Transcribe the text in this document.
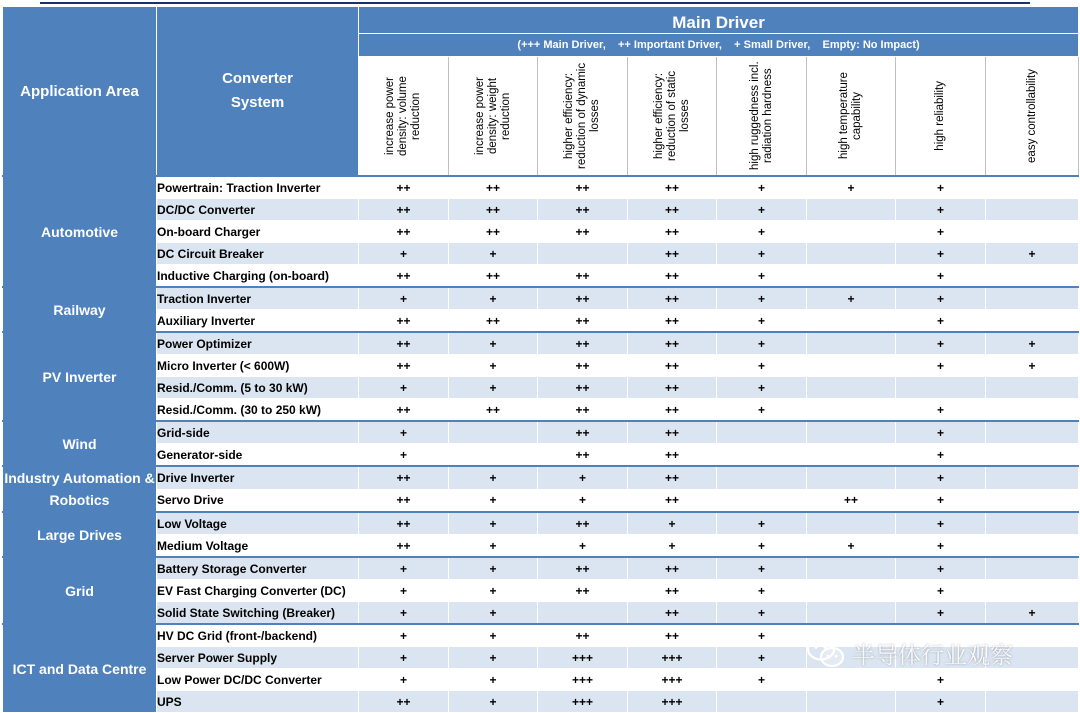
Application Area	Converter System	Main Driver							
		(+++ Main Driver,    ++ Important Driver,    + Small Driver,    Empty: No Impact)							

		increase power density: volume reduction	increase power density: weight reduction	higher efficiency: reduction of dynamic losses	higher efficiency: reduction of static losses	high ruggedness incl. radiation hardness	high temperature capability	high reliability	easy controllability

Automotive	Powertrain: Traction Inverter	++	++	++	++	+	+	+	
	DC/DC Converter	++	++	++	++	+		+	
	On-board Charger	++	++	++	++	+		+	
	DC Circuit Breaker	+	+		++	+		+	+
	Inductive Charging (on-board)	++	++	++	++	+		+	
Railway	Traction Inverter	+	+	++	++	+	+	+	
	Auxiliary Inverter	++	++	++	++	+		+	
PV Inverter	Power Optimizer	++	+	++	++	+		+	+
	Micro Inverter (< 600W)	++	+	++	++	+		+	+
	Resid./Comm. (5 to 30 kW)	+	+	++	++	+			
	Resid./Comm. (30 to 250 kW)	++	++	++	++	+		+	
Wind	Grid-side	+		++	++			+	
	Generator-side	+		++	++			+	
Industry Automation & Robotics	Drive Inverter	++	+	+	++			+	
	Servo Drive	++	+	+	++		++	+	
Large Drives	Low Voltage	++	+	++	+	+		+	
	Medium Voltage	++	+	+	+	+	+	+	
Grid	Battery Storage Converter	+	+	++	++	+		+	
	EV Fast Charging Converter (DC)	+	+	++	++	+		+	
	Solid State Switching (Breaker)	+	+		++	+		+	+
ICT and Data Centre	HV DC Grid (front-/backend)	+	+	++	++	+			
	Server Power Supply	+	+	+++	+++	+			
	Low Power DC/DC Converter	+	+	+++	+++	+		+	
	UPS	++	+	+++	+++			+	
半导体行业观察
